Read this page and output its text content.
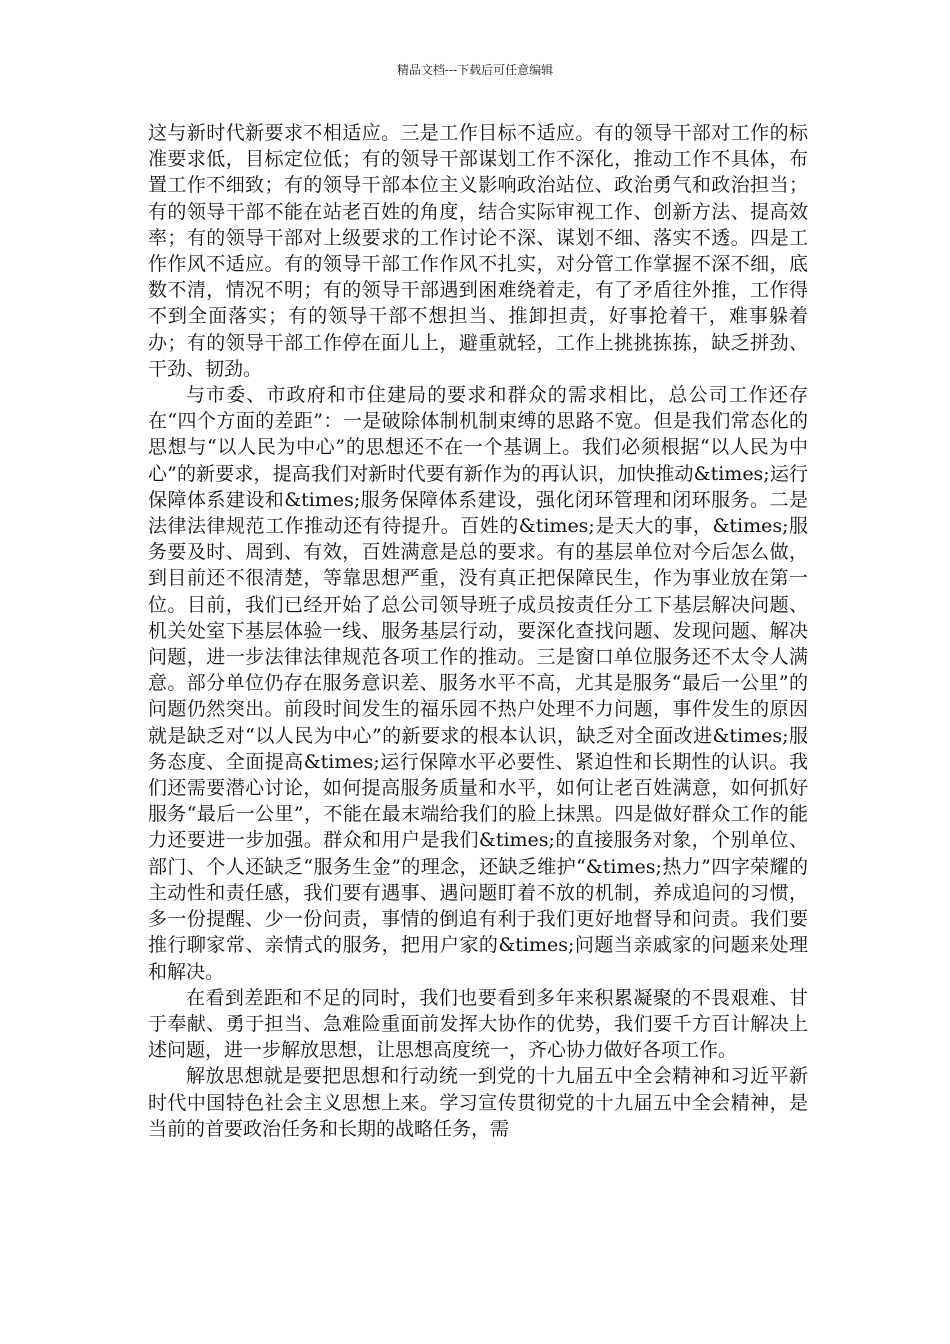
精品文档---下载后可任意编辑

这与新时代新要求不相适应。三是工作目标不适应。有的领导干部对工作的标准要求低，目标定位低；有的领导干部谋划工作不深化，推动工作不具体，布置工作不细致；有的领导干部本位主义影响政治站位、政治勇气和政治担当；有的领导干部不能在站老百姓的角度，结合实际审视工作、创新方法、提高效率；有的领导干部对上级要求的工作讨论不深、谋划不细、落实不透。四是工作作风不适应。有的领导干部工作作风不扎实，对分管工作掌握不深不细，底数不清，情况不明；有的领导干部遇到困难绕着走，有了矛盾往外推，工作得不到全面落实；有的领导干部不想担当、推卸担责，好事抢着干，难事躲着办；有的领导干部工作停在面儿上，避重就轻，工作上挑挑拣拣，缺乏拼劲、干劲、韧劲。

与市委、市政府和市住建局的要求和群众的需求相比，总公司工作还存在“四个方面的差距”：一是破除体制机制束缚的思路不宽。但是我们常态化的思想与“以人民为中心”的思想还不在一个基调上。我们必须根据“以人民为中心”的新要求，提高我们对新时代要有新作为的再认识，加快推动&times;运行保障体系建设和&times;服务保障体系建设，强化闭环管理和闭环服务。二是法律法律规范工作推动还有待提升。百姓的&times;是天大的事，&times;服务要及时、周到、有效，百姓满意是总的要求。有的基层单位对今后怎么做，到目前还不很清楚，等靠思想严重，没有真正把保障民生，作为事业放在第一位。目前，我们已经开始了总公司领导班子成员按责任分工下基层解决问题、机关处室下基层体验一线、服务基层行动，要深化查找问题、发现问题、解决问题，进一步法律法律规范各项工作的推动。三是窗口单位服务还不太令人满意。部分单位仍存在服务意识差、服务水平不高，尤其是服务“最后一公里”的问题仍然突出。前段时间发生的福乐园不热户处理不力问题，事件发生的原因就是缺乏对“以人民为中心”的新要求的根本认识，缺乏对全面改进&times;服务态度、全面提高&times;运行保障水平必要性、紧迫性和长期性的认识。我们还需要潜心讨论，如何提高服务质量和水平，如何让老百姓满意，如何抓好服务“最后一公里”，不能在最末端给我们的脸上抹黑。四是做好群众工作的能力还要进一步加强。群众和用户是我们&times;的直接服务对象，个别单位、部门、个人还缺乏“服务生金”的理念，还缺乏维护“&times;热力”四字荣耀的主动性和责任感，我们要有遇事、遇问题盯着不放的机制，养成追问的习惯，多一份提醒、少一份问责，事情的倒追有利于我们更好地督导和问责。我们要推行聊家常、亲情式的服务，把用户家的&times;问题当亲戚家的问题来处理和解决。

在看到差距和不足的同时，我们也要看到多年来积累凝聚的不畏艰难、甘于奉献、勇于担当、急难险重面前发挥大协作的优势，我们要千方百计解决上述问题，进一步解放思想，让思想高度统一，齐心协力做好各项工作。

解放思想就是要把思想和行动统一到党的十九届五中全会精神和习近平新时代中国特色社会主义思想上来。学习宣传贯彻党的十九届五中全会精神，是当前的首要政治任务和长期的战略任务，需
